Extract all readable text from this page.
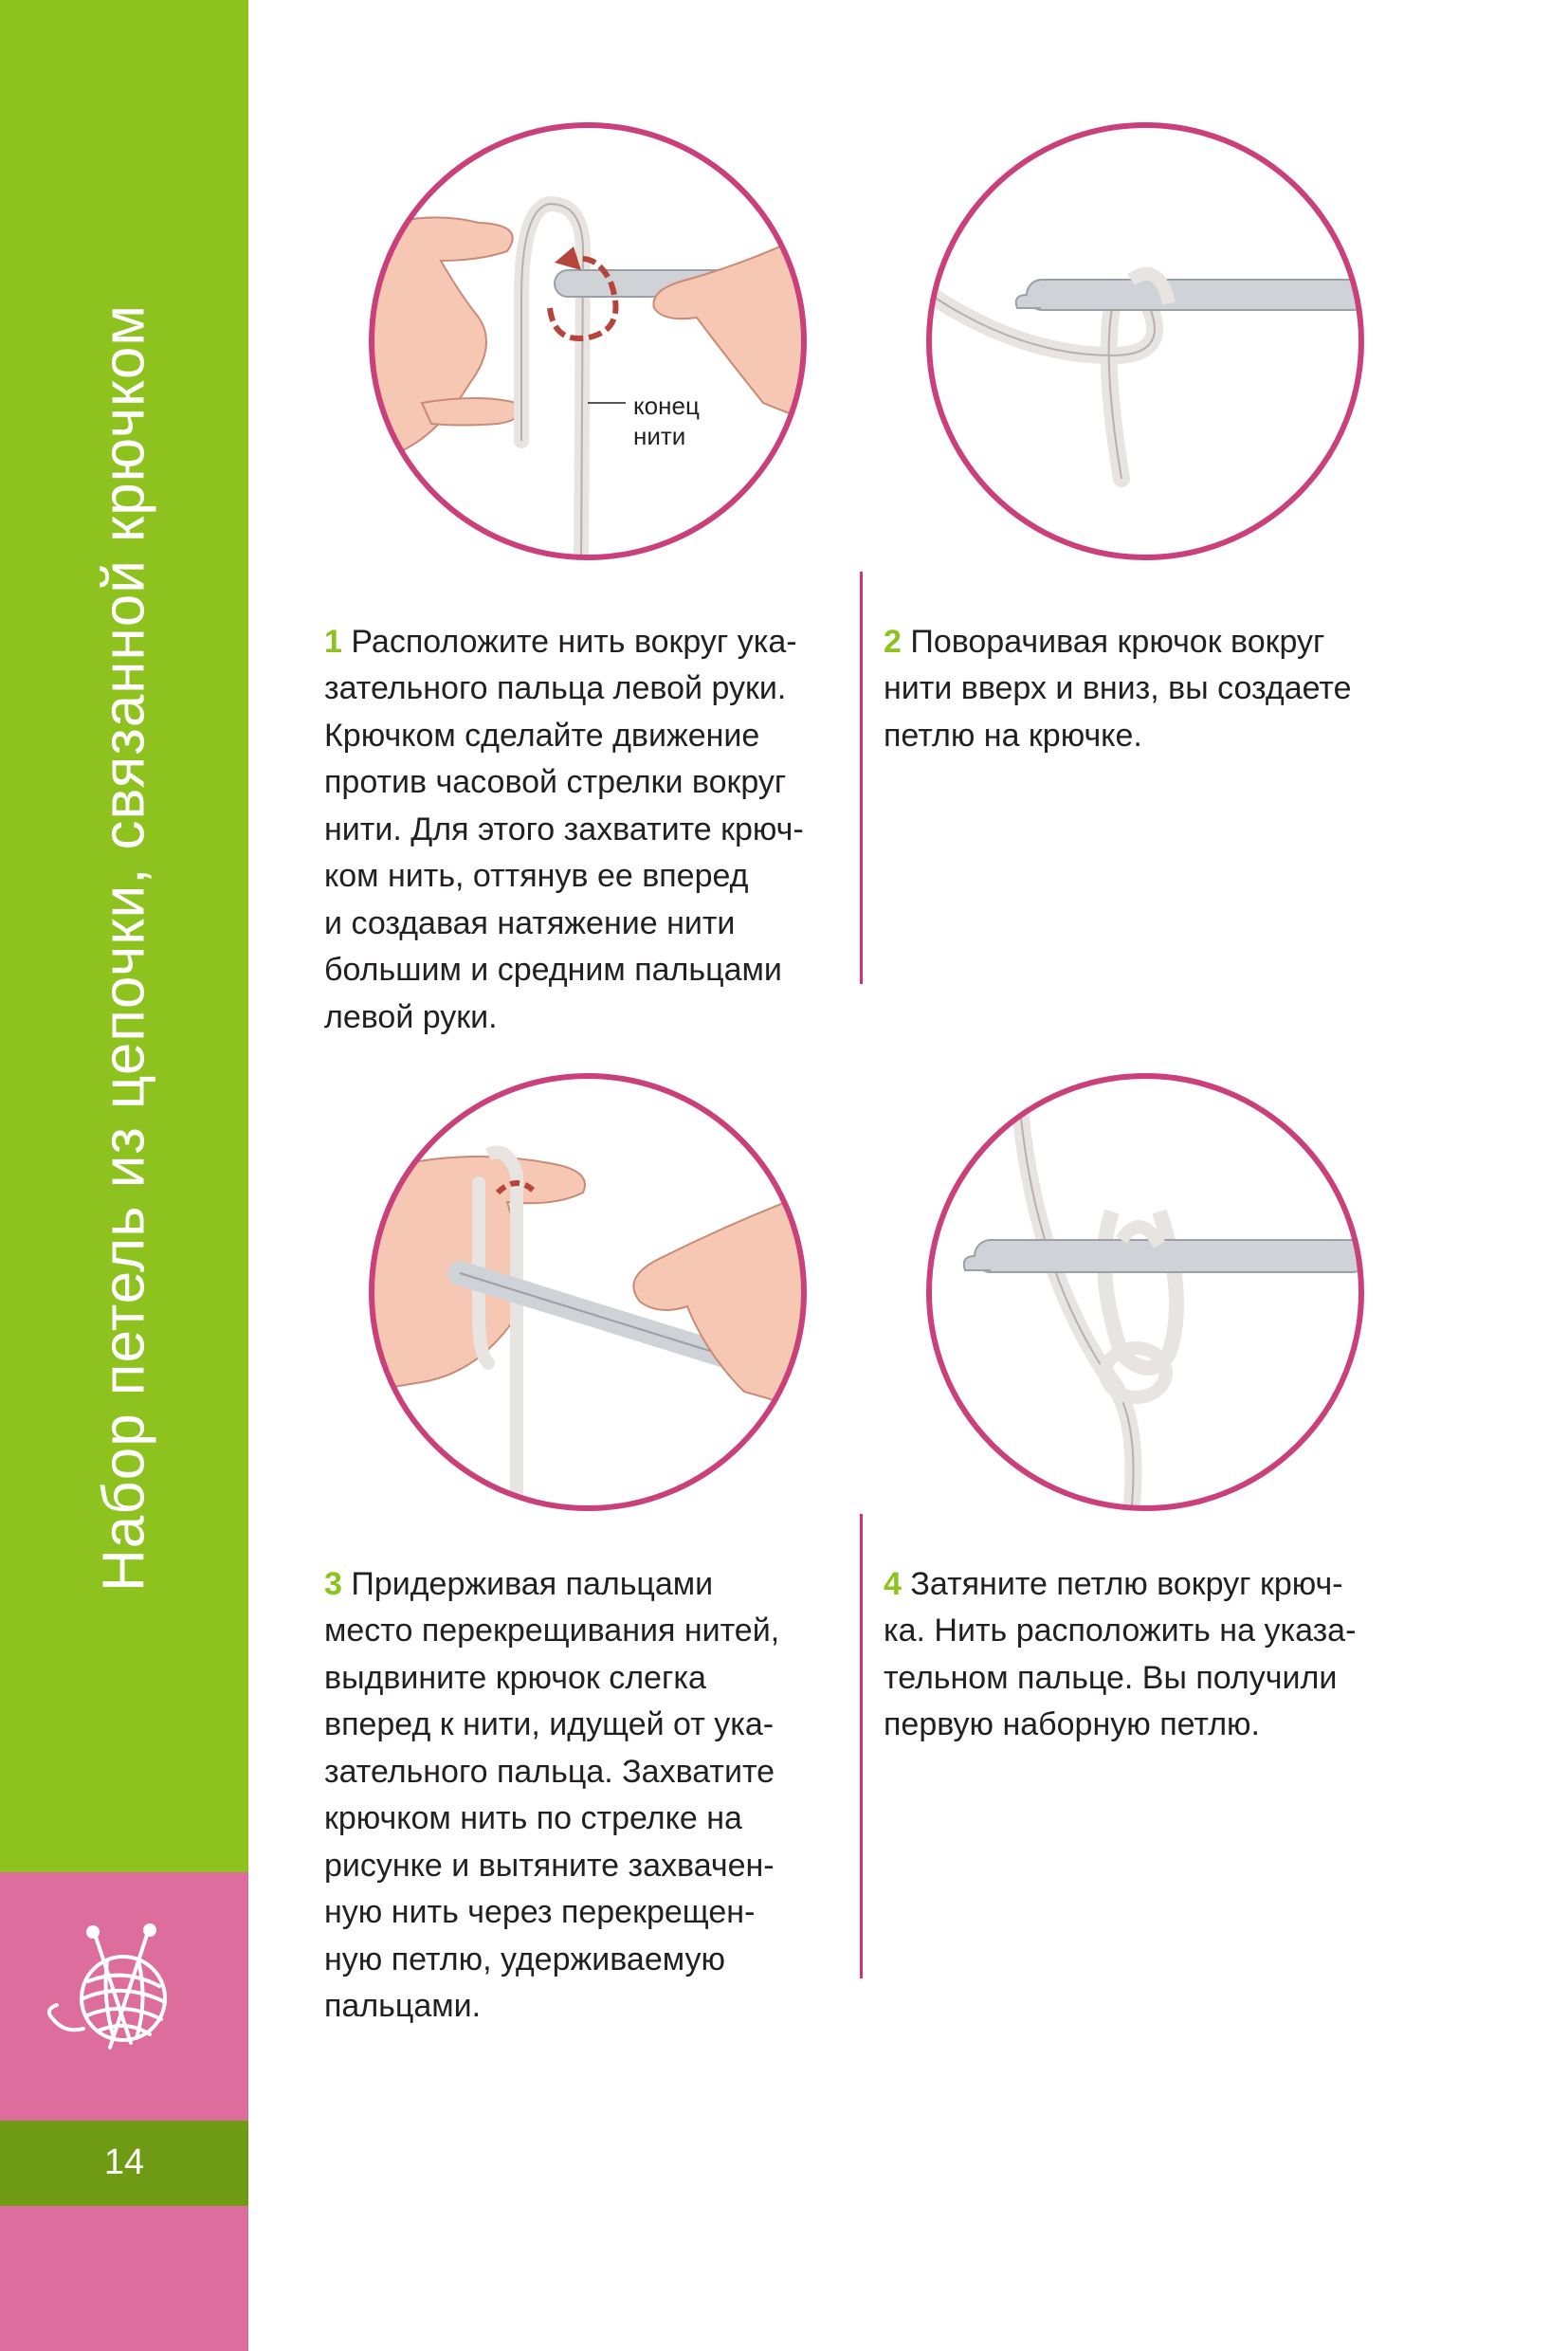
Набор петель из цепочки, связанной крючком
14
конец
нити

1 Расположите нить вокруг ука-
зательного пальца левой руки.
Крючком сделайте движение
против часовой стрелки вокруг
нити. Для этого захватите крюч-
ком нить, оттянув ее вперед
и создавая натяжение нити
большим и средним пальцами
левой руки.

2 Поворачивая крючок вокруг
нити вверх и вниз, вы создаете
петлю на крючке.

3 Придерживая пальцами
место перекрещивания нитей,
выдвините крючок слегка
вперед к нити, идущей от ука-
зательного пальца. Захватите
крючком нить по стрелке на
рисунке и вытяните захвачен-
ную нить через перекрещен-
ную петлю, удерживаемую
пальцами.

4 Затяните петлю вокруг крюч-
ка. Нить расположить на указа-
тельном пальце. Вы получили
первую наборную петлю.
